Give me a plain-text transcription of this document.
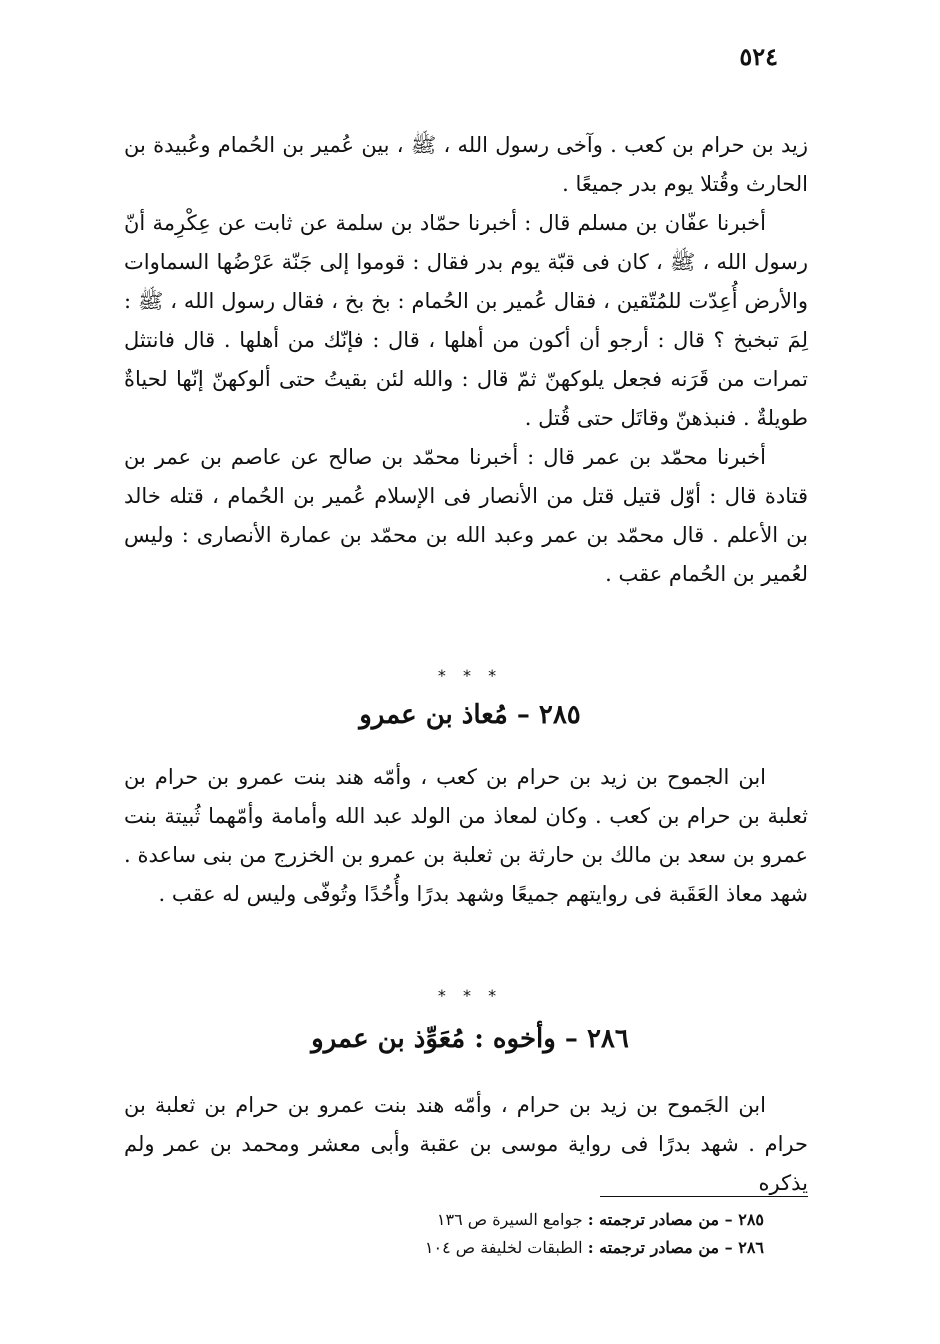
٥٢٤

زيد بن حرام بن كعب . وآخى رسول الله ، ﷺ ، بين عُمير بن الحُمام وعُبيدة بن الحارث وقُتلا يوم بدر جميعًا .

أخبرنا عفّان بن مسلم قال : أخبرنا حمّاد بن سلمة عن ثابت عن عِكْرِمة أنّ رسول الله ، ﷺ ، كان فى قبّة يوم بدر فقال : قوموا إلى جَنّة عَرْضُها السماوات والأرض أُعِدّت للمُتّقين ، فقال عُمير بن الحُمام : بخ بخ ، فقال رسول الله ، ﷺ : لِمَ تبخبخ ؟ قال : أرجو أن أكون من أهلها ، قال : فإنّك من أهلها . قال فانتثل تمرات من قَرَنه فجعل يلوكهنّ ثمّ قال : والله لئن بقيتُ حتى ألوكهنّ إنّها لحياةٌ طويلةٌ . فنبذهنّ وقاتَل حتى قُتل .

أخبرنا محمّد بن عمر قال : أخبرنا محمّد بن صالح عن عاصم بن عمر بن قتادة قال : أوّل قتيل قتل من الأنصار فى الإسلام عُمير بن الحُمام ، قتله خالد بن الأعلم . قال محمّد بن عمر وعبد الله بن محمّد بن عمارة الأنصارى : وليس لعُمير بن الحُمام عقب .

* * *
٢٨٥ – مُعاذ بن عمرو

ابن الجموح بن زيد بن حرام بن كعب ، وأمّه هند بنت عمرو بن حرام بن ثعلبة بن حرام بن كعب . وكان لمعاذ من الولد عبد الله وأمامة وأمّهما ثُبيتة بنت عمرو بن سعد بن مالك بن حارثة بن ثعلبة بن عمرو بن الخزرج من بنى ساعدة . شهد معاذ العَقَبة فى روايتهم جميعًا وشهد بدرًا وأُحُدًا وتُوفّى وليس له عقب .

* * *
٢٨٦ – وأخوه : مُعَوِّذ بن عمرو

ابن الجَموح بن زيد بن حرام ، وأمّه هند بنت عمرو بن حرام بن ثعلبة بن حرام . شهد بدرًا فى رواية موسى بن عقبة وأبى معشر ومحمد بن عمر ولم يذكره

٢٨٥ – من مصادر ترجمته : جوامع السيرة ص ١٣٦

٢٨٦ – من مصادر ترجمته : الطبقات لخليفة ص ١٠٤
